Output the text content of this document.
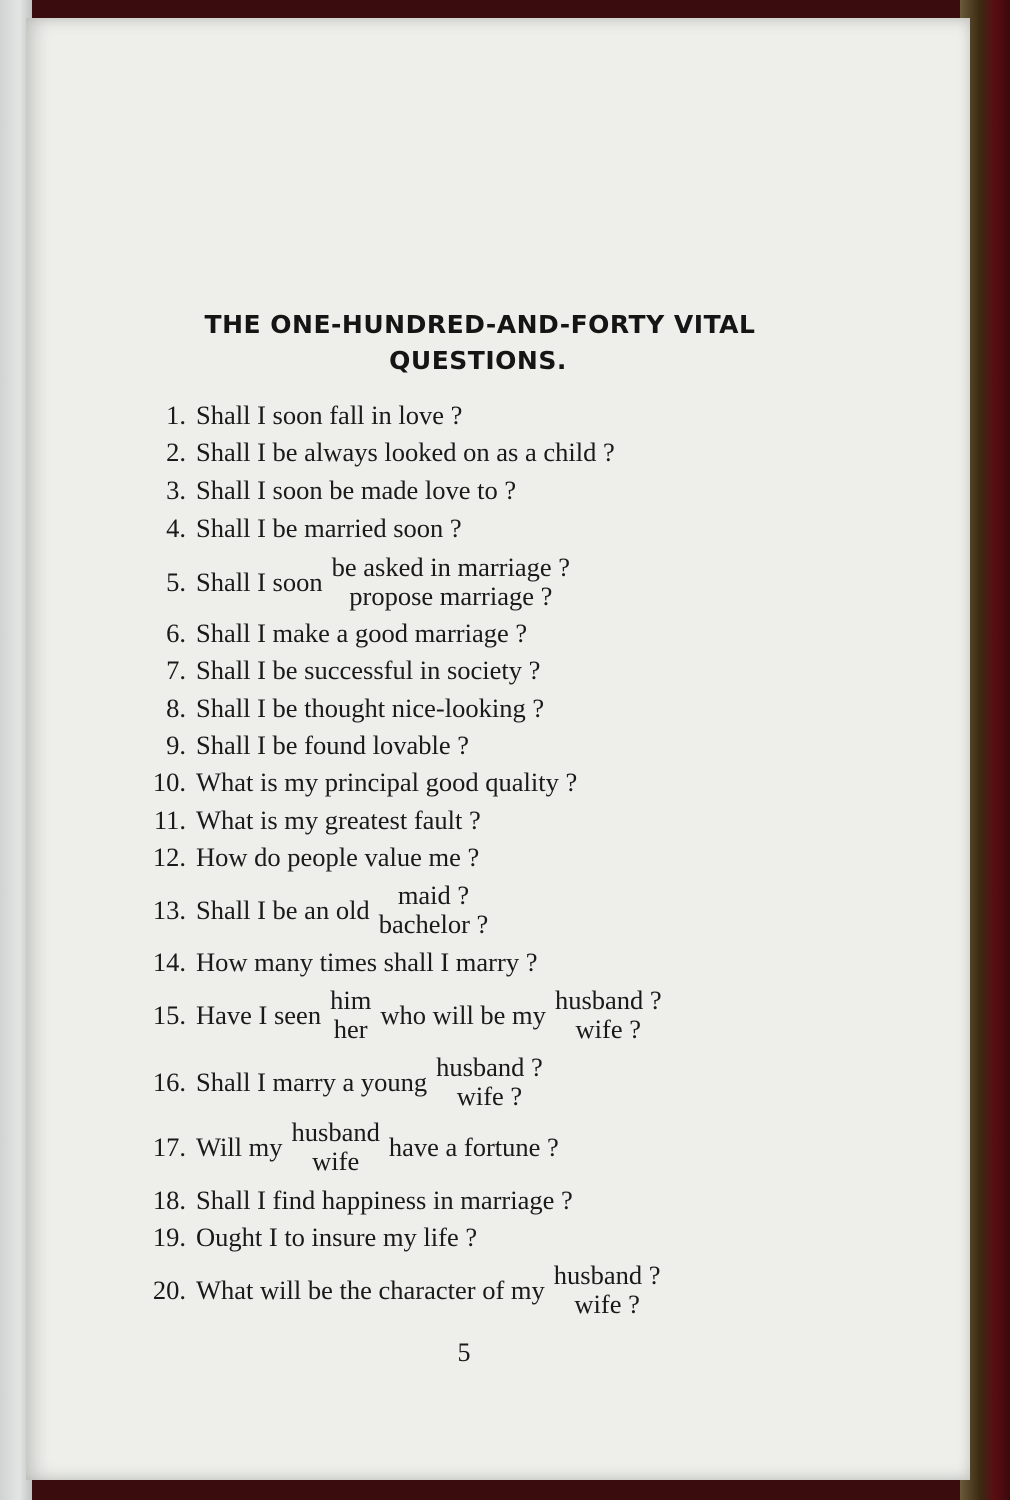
THE ONE-HUNDRED-AND-FORTY VITAL
QUESTIONS.
1. Shall I soon fall in love ?
2. Shall I be always looked on as a child ?
3. Shall I soon be made love to ?
4. Shall I be married soon ?
5. Shall I soon be asked in marriage ?
propose marriage ?
6. Shall I make a good marriage ?
7. Shall I be successful in society ?
8. Shall I be thought nice-looking ?
9. Shall I be found lovable ?
10. What is my principal good quality ?
11. What is my greatest fault ?
12. How do people value me ?
13. Shall I be an old maid ?
bachelor ?
14. How many times shall I marry ?
15. Have I seen him
her who will be my husband ?
wife ?
16. Shall I marry a young husband ?
wife ?
17. Will my husband
wife have a fortune ?
18. Shall I find happiness in marriage ?
19. Ought I to insure my life ?
20. What will be the character of my husband ?
wife ?
5
